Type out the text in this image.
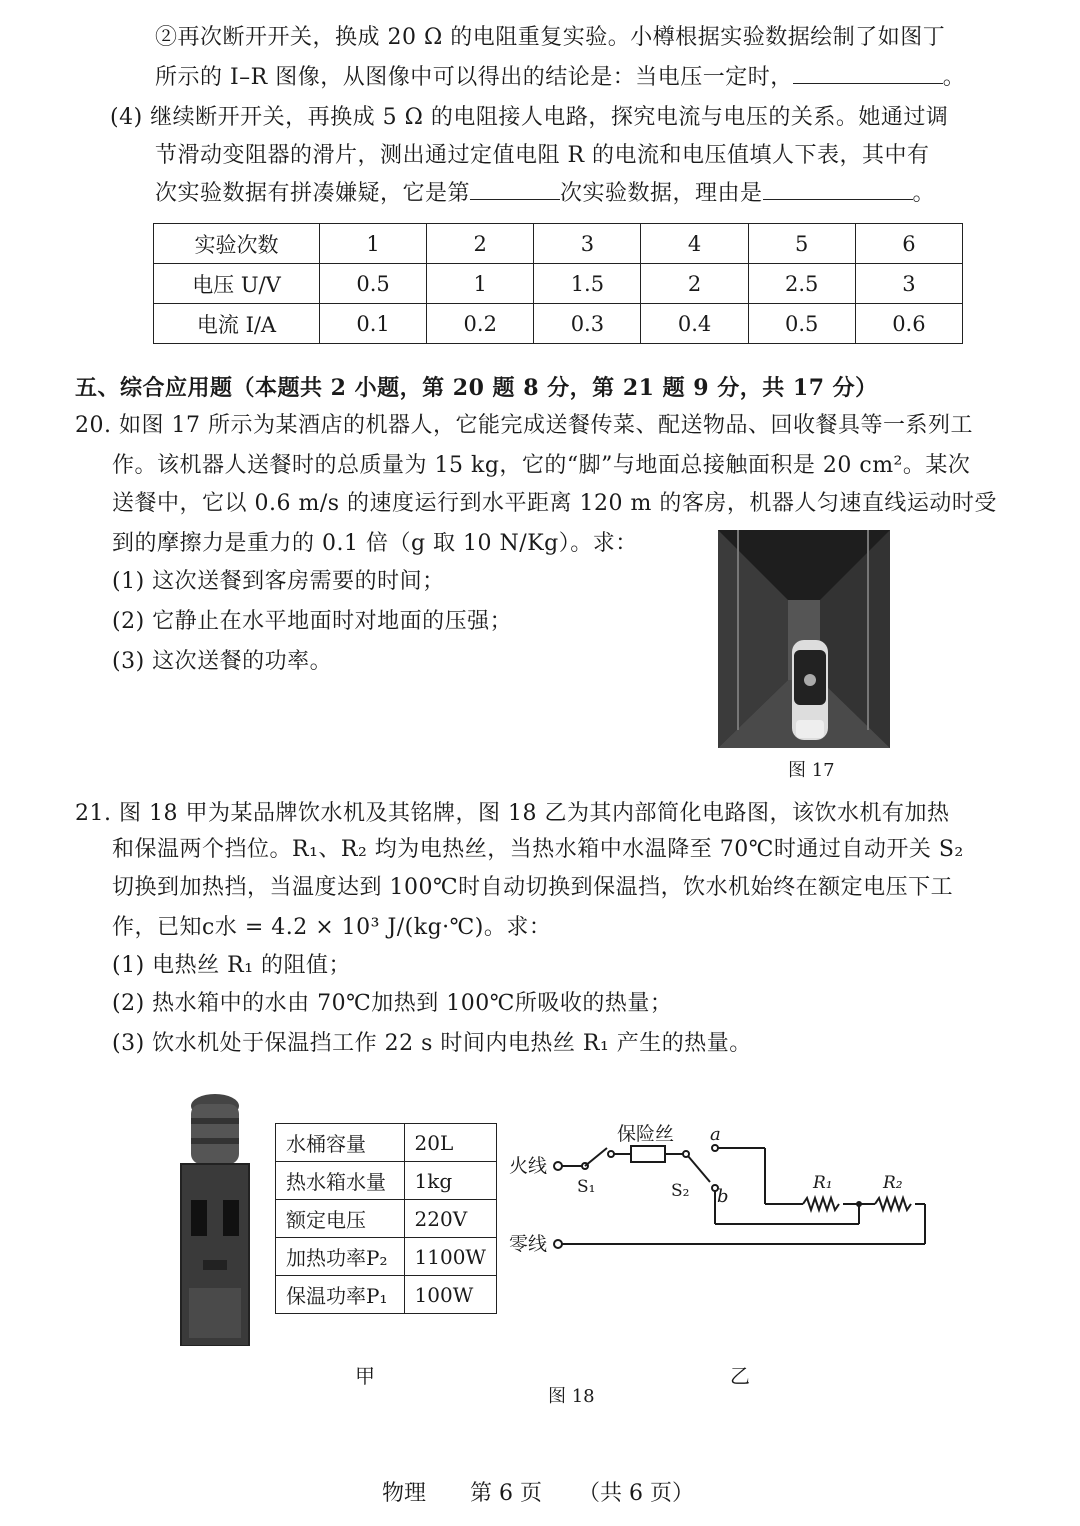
②再次断开开关，换成 20 Ω 的电阻重复实验。小樽根据实验数据绘制了如图丁
所示的 I–R 图像，从图像中可以得出的结论是：当电压一定时，	。
(4) 继续断开开关，再换成 5 Ω 的电阻接人电路，探究电流与电压的关系。她通过调
节滑动变阻器的滑片，测出通过定值电阻 R 的电流和电压值填人下表，其中有
次实验数据有拼凑嫌疑，它是第	次实验数据，理由是	。
实验次数	1	2	3	4	5	6
电压 U/V	0.5	1	1.5	2	2.5	3
电流 I/A	0.1	0.2	0.3	0.4	0.5	0.6
五、综合应用题（本题共 2 小题，第 20 题 8 分，第 21 题 9 分，共 17 分）
20. 如图 17 所示为某酒店的机器人，它能完成送餐传菜、配送物品、回收餐具等一系列工
作。该机器人送餐时的总质量为 15 kg，它的“脚”与地面总接触面积是 20 cm²。某次
送餐中，它以 0.6 m/s 的速度运行到水平距离 120 m 的客房，机器人匀速直线运动时受
到的摩擦力是重力的 0.1 倍（g 取 10 N/Kg）。求：
(1) 这次送餐到客房需要的时间；
(2) 它静止在水平地面时对地面的压强；
(3) 这次送餐的功率。
图 17
21. 图 18 甲为某品牌饮水机及其铭牌，图 18 乙为其内部简化电路图，该饮水机有加热
和保温两个挡位。R₁、R₂ 均为电热丝，当热水箱中水温降至 70℃时通过自动开关 S₂
切换到加热挡，当温度达到 100℃时自动切换到保温挡，饮水机始终在额定电压下工
作，已知c水 = 4.2 × 10³ J/(kg·℃)。求：
(1) 电热丝 R₁ 的阻值；
(2) 热水箱中的水由 70℃加热到 100℃所吸收的热量；
(3) 饮水机处于保温挡工作 22 s 时间内电热丝 R₁ 产生的热量。
水桶容量	20L
热水箱水量	1kg
额定电压	220V
加热功率P₂	1100W
保温功率P₁	100W
火线
零线
保险丝
S₁	S₂
a
b
R₁	R₂
甲	乙
图 18
物理 第 6 页 （共 6 页）
